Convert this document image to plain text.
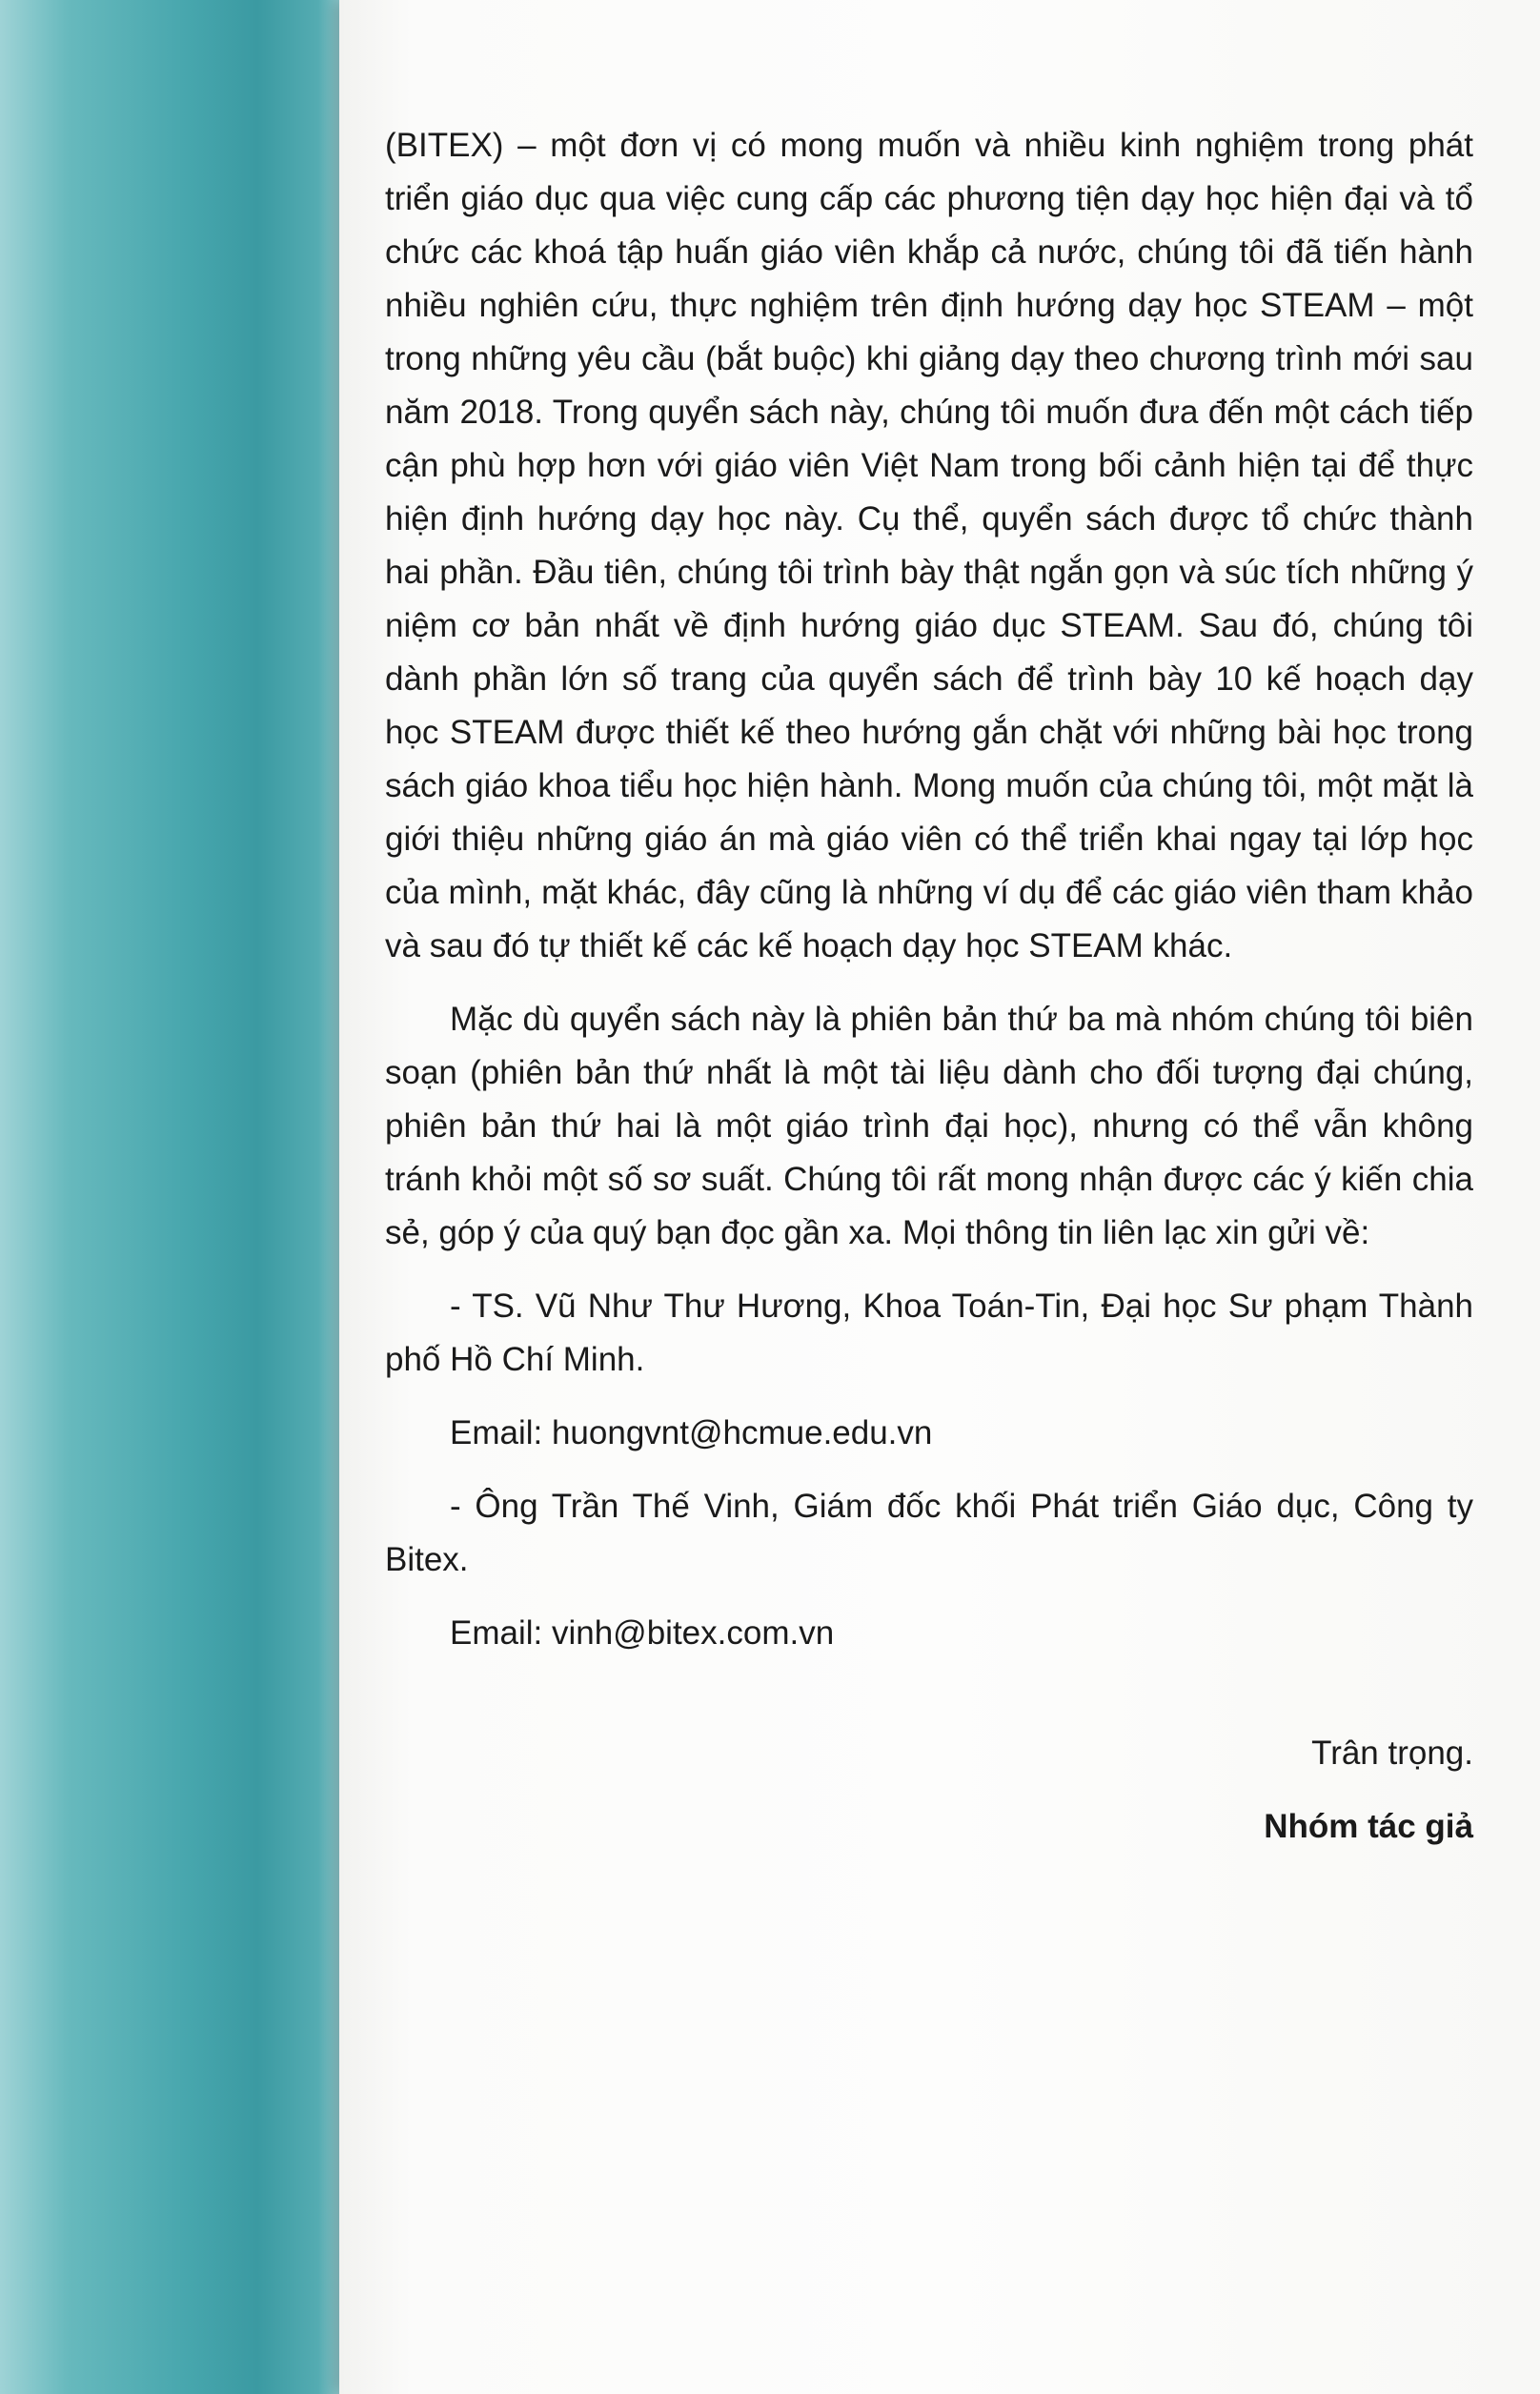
(BITEX) – một đơn vị có mong muốn và nhiều kinh nghiệm trong phát triển giáo dục qua việc cung cấp các phương tiện dạy học hiện đại và tổ chức các khoá tập huấn giáo viên khắp cả nước, chúng tôi đã tiến hành nhiều nghiên cứu, thực nghiệm trên định hướng dạy học STEAM – một trong những yêu cầu (bắt buộc) khi giảng dạy theo chương trình mới sau năm 2018. Trong quyển sách này, chúng tôi muốn đưa đến một cách tiếp cận phù hợp hơn với giáo viên Việt Nam trong bối cảnh hiện tại để thực hiện định hướng dạy học này. Cụ thể, quyển sách được tổ chức thành hai phần. Đầu tiên, chúng tôi trình bày thật ngắn gọn và súc tích những ý niệm cơ bản nhất về định hướng giáo dục STEAM. Sau đó, chúng tôi dành phần lớn số trang của quyển sách để trình bày 10 kế hoạch dạy học STEAM được thiết kế theo hướng gắn chặt với những bài học trong sách giáo khoa tiểu học hiện hành. Mong muốn của chúng tôi, một mặt là giới thiệu những giáo án mà giáo viên có thể triển khai ngay tại lớp học của mình, mặt khác, đây cũng là những ví dụ để các giáo viên tham khảo và sau đó tự thiết kế các kế hoạch dạy học STEAM khác.

Mặc dù quyển sách này là phiên bản thứ ba mà nhóm chúng tôi biên soạn (phiên bản thứ nhất là một tài liệu dành cho đối tượng đại chúng, phiên bản thứ hai là một giáo trình đại học), nhưng có thể vẫn không tránh khỏi một số sơ suất. Chúng tôi rất mong nhận được các ý kiến chia sẻ, góp ý của quý bạn đọc gần xa. Mọi thông tin liên lạc xin gửi về:

- TS. Vũ Như Thư Hương, Khoa Toán-Tin, Đại học Sư phạm Thành phố Hồ Chí Minh.

Email: huongvnt@hcmue.edu.vn

- Ông Trần Thế Vinh, Giám đốc khối Phát triển Giáo dục, Công ty Bitex.

Email: vinh@bitex.com.vn

Trân trọng.
Nhóm tác giả
